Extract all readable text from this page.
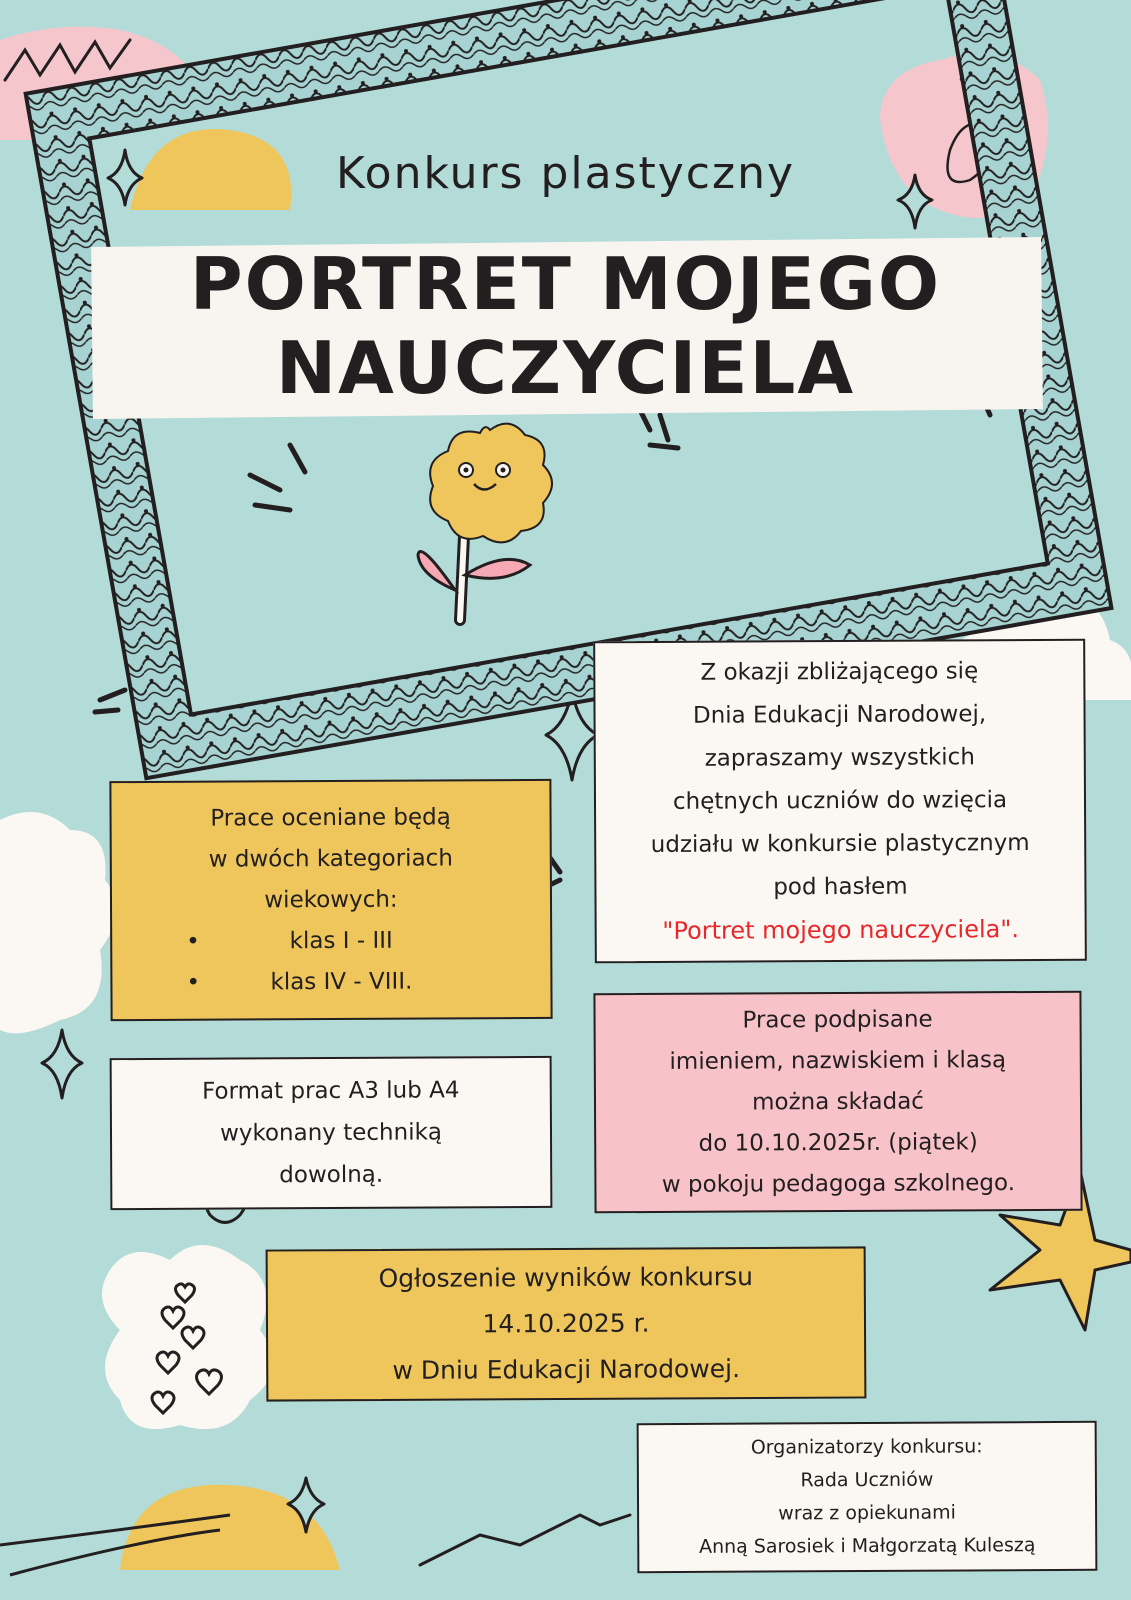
Konkurs plastyczny
PORTRET MOJEGO
NAUCZYCIELA
Z okazji zbliżającego się
Dnia Edukacji Narodowej,
zapraszamy wszystkich
chętnych uczniów do wzięcia
udziału w konkursie plastycznym
pod hasłem
"Portret mojego nauczyciela".
Prace oceniane będą
w dwóch kategoriach
wiekowych:
•	klas I - III
•	klas IV - VIII.
Format prac A3 lub A4
wykonany techniką
dowolną.
Prace podpisane
imieniem, nazwiskiem i klasą
można składać
do 10.10.2025r. (piątek)
w pokoju pedagoga szkolnego.
Ogłoszenie wyników konkursu
14.10.2025 r.
w Dniu Edukacji Narodowej.
Organizatorzy konkursu:
Rada Uczniów
wraz z opiekunami
Anną Sarosiek i Małgorzatą Kuleszą
